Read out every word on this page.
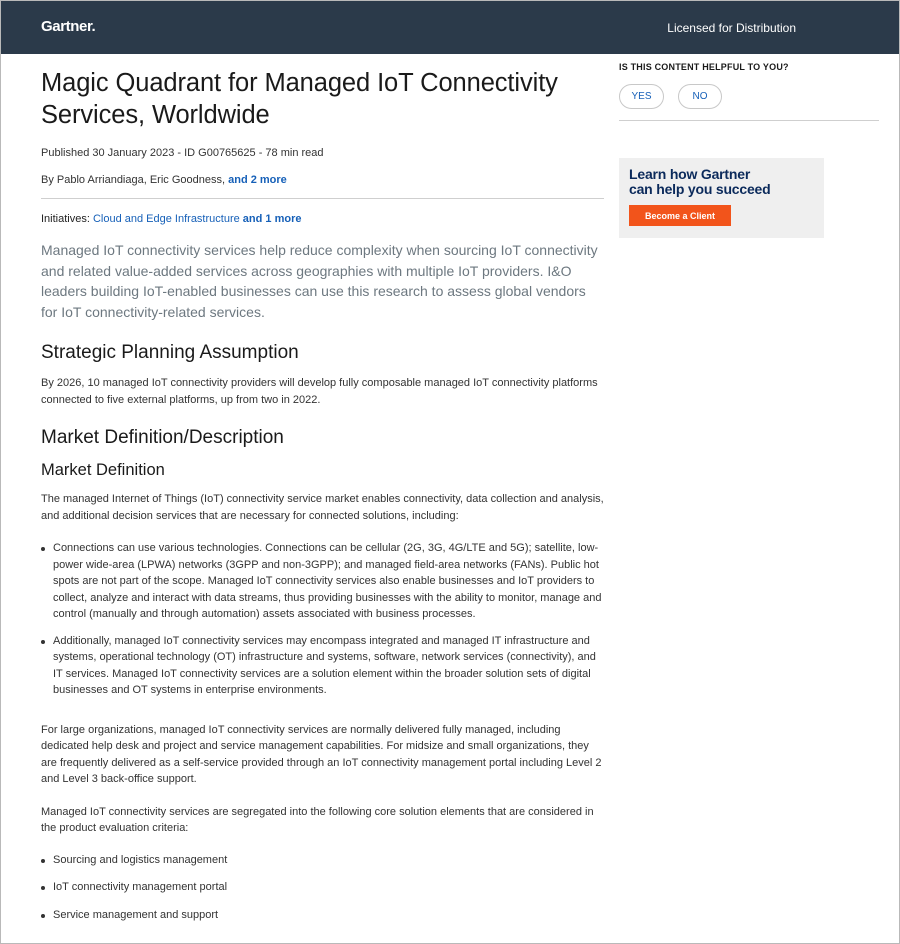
Gartner.	Licensed for Distribution
Magic Quadrant for Managed IoT Connectivity Services, Worldwide
Published 30 January 2023 - ID G00765625 - 78 min read
By Pablo Arriandiaga, Eric Goodness, and 2 more
Initiatives: Cloud and Edge Infrastructure and 1 more

Managed IoT connectivity services help reduce complexity when sourcing IoT connectivity and related value-added services across geographies with multiple IoT providers. I&O leaders building IoT-enabled businesses can use this research to assess global vendors for IoT connectivity-related services.

Strategic Planning Assumption

By 2026, 10 managed IoT connectivity providers will develop fully composable managed IoT connectivity platforms connected to five external platforms, up from two in 2022.

Market Definition/Description
Market Definition

The managed Internet of Things (IoT) connectivity service market enables connectivity, data collection and analysis, and additional decision services that are necessary for connected solutions, including:

Connections can use various technologies. Connections can be cellular (2G, 3G, 4G/LTE and 5G); satellite, low-power wide-area (LPWA) networks (3GPP and non-3GPP); and managed field-area networks (FANs). Public hot spots are not part of the scope. Managed IoT connectivity services also enable businesses and IoT providers to collect, analyze and interact with data streams, thus providing businesses with the ability to monitor, manage and control (manually and through automation) assets associated with business processes.
Additionally, managed IoT connectivity services may encompass integrated and managed IT infrastructure and systems, operational technology (OT) infrastructure and systems, software, network services (connectivity), and IT services. Managed IoT connectivity services are a solution element within the broader solution sets of digital businesses and OT systems in enterprise environments.

For large organizations, managed IoT connectivity services are normally delivered fully managed, including dedicated help desk and project and service management capabilities. For midsize and small organizations, they are frequently delivered as a self-service provided through an IoT connectivity management portal including Level 2 and Level 3 back-office support.

Managed IoT connectivity services are segregated into the following core solution elements that are considered in the product evaluation criteria:

Sourcing and logistics management
IoT connectivity management portal
Service management and support
IS THIS CONTENT HELPFUL TO YOU?
YES	NO
Learn how Gartner
can help you succeed
Become a Client
